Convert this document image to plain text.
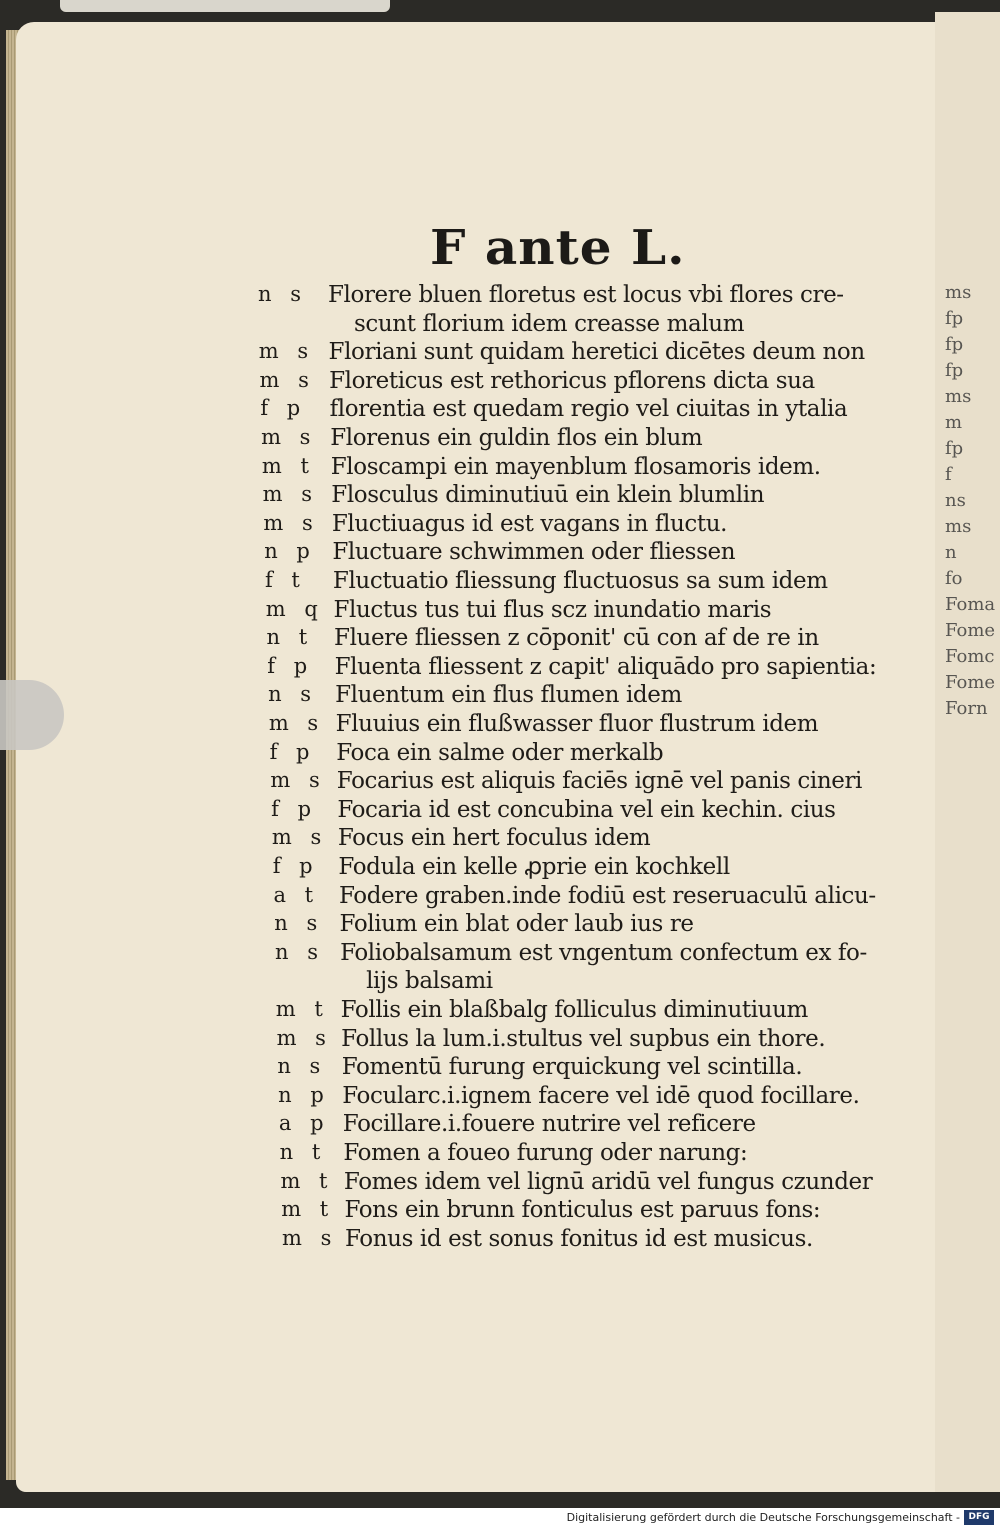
ms
fp
fp
fp
ms
m
fp
f
ns
ms
n
fo
Foma
Fome
Fomc
Fome
Forn
F ante L.
n s Florere bluen floretus est locus vbi flores cre-
scunt florium idem creasse malum
m s Floriani sunt quidam heretici dicētes deum non
m s Floreticus est rethoricus pflorens dicta sua
f p	florentia est quedam regio vel ciuitas in ytalia
m s Florenus ein guldin flos ein blum
m t Floscampi ein mayenblum flosamoris idem.
m s Flosculus diminutiuū ein klein blumlin
m s Fluctiuagus id est vagans in fluctu.
n p Fluctuare schwimmen oder fliessen
f t	Fluctuatio fliessung fluctuosus sa sum idem
m q Fluctus tus tui flus scz inundatio maris
n t Fluere fliessen z cōponit' cū con af de re in
f p Fluenta fliessent z capit' aliquādo pro sapientia:
n s Fluentum ein flus flumen idem
m s Fluuius ein flußwasser fluor flustrum idem
f p Foca ein salme oder merkalb
m s Focarius est aliquis faciēs ignē vel panis cineri
f p Focaria id est concubina vel ein kechin. cius
m s Focus ein hert foculus idem
f p Fodula ein kelle ꝓprie ein kochkell
a t Fodere graben.inde fodiū est reseruaculū alicu-
n s Folium ein blat oder laub ius re
n s Foliobalsamum est vngentum confectum ex fo-
lijs balsami
m t Follis ein blaßbalg folliculus diminutiuum
m s Follus la lum.i.stultus vel supbus ein thore.
n s Fomentū furung erquickung vel scintilla.
n p Focularc.i.ignem facere vel idē quod focillare.
a p Focillare.i.fouere nutrire vel reficere
n t Fomen a foueo furung oder narung:
m t Fomes idem vel lignū aridū vel fungus czunder
m t Fons ein brunn fonticulus est paruus fons:
m s Fonus id est sonus fonitus id est musicus.
Digitalisierung gefördert durch die Deutsche Forschungsgemeinschaft - DFG
